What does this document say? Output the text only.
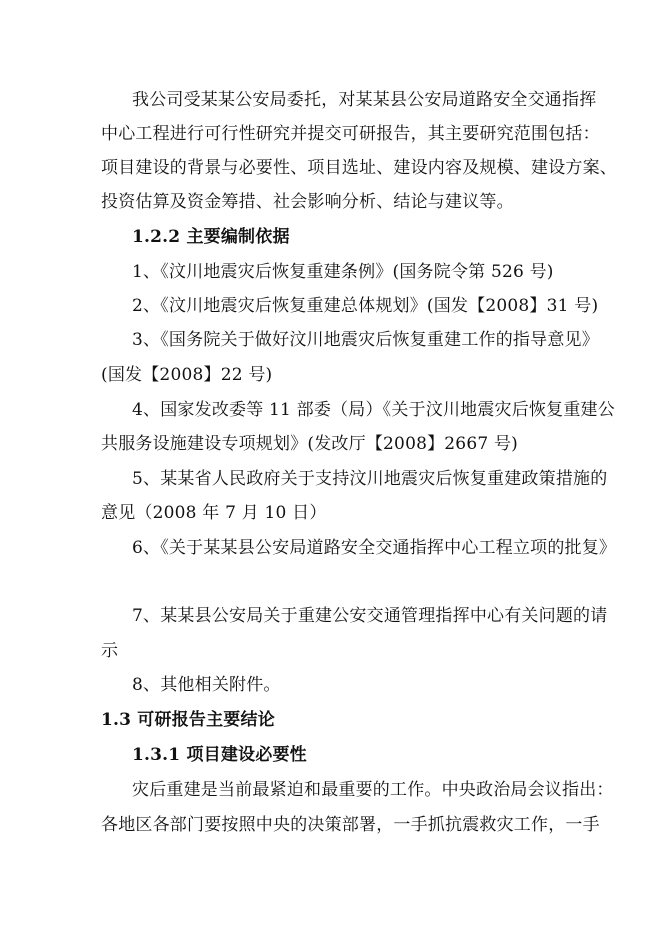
我公司受某某公安局委托，对某某县公安局道路安全交通指挥
中心工程进行可行性研究并提交可研报告，其主要研究范围包括：
项目建设的背景与必要性、项目选址、建设内容及规模、建设方案、
投资估算及资金筹措、社会影响分析、结论与建议等。
1.2.2 主要编制依据
1、《汶川地震灾后恢复重建条例》(国务院令第 526 号)
2、《汶川地震灾后恢复重建总体规划》(国发【2008】31 号)
3、《国务院关于做好汶川地震灾后恢复重建工作的指导意见》
(国发【2008】22 号)
4、国家发改委等 11 部委（局）《关于汶川地震灾后恢复重建公
共服务设施建设专项规划》(发改厅【2008】2667 号)
5、某某省人民政府关于支持汶川地震灾后恢复重建政策措施的
意见（2008 年 7 月 10 日）
6、《关于某某县公安局道路安全交通指挥中心工程立项的批复》
7、某某县公安局关于重建公安交通管理指挥中心有关问题的请
示
8、其他相关附件。
1.3 可研报告主要结论
1.3.1 项目建设必要性
灾后重建是当前最紧迫和最重要的工作。中央政治局会议指出：
各地区各部门要按照中央的决策部署，一手抓抗震救灾工作，一手
